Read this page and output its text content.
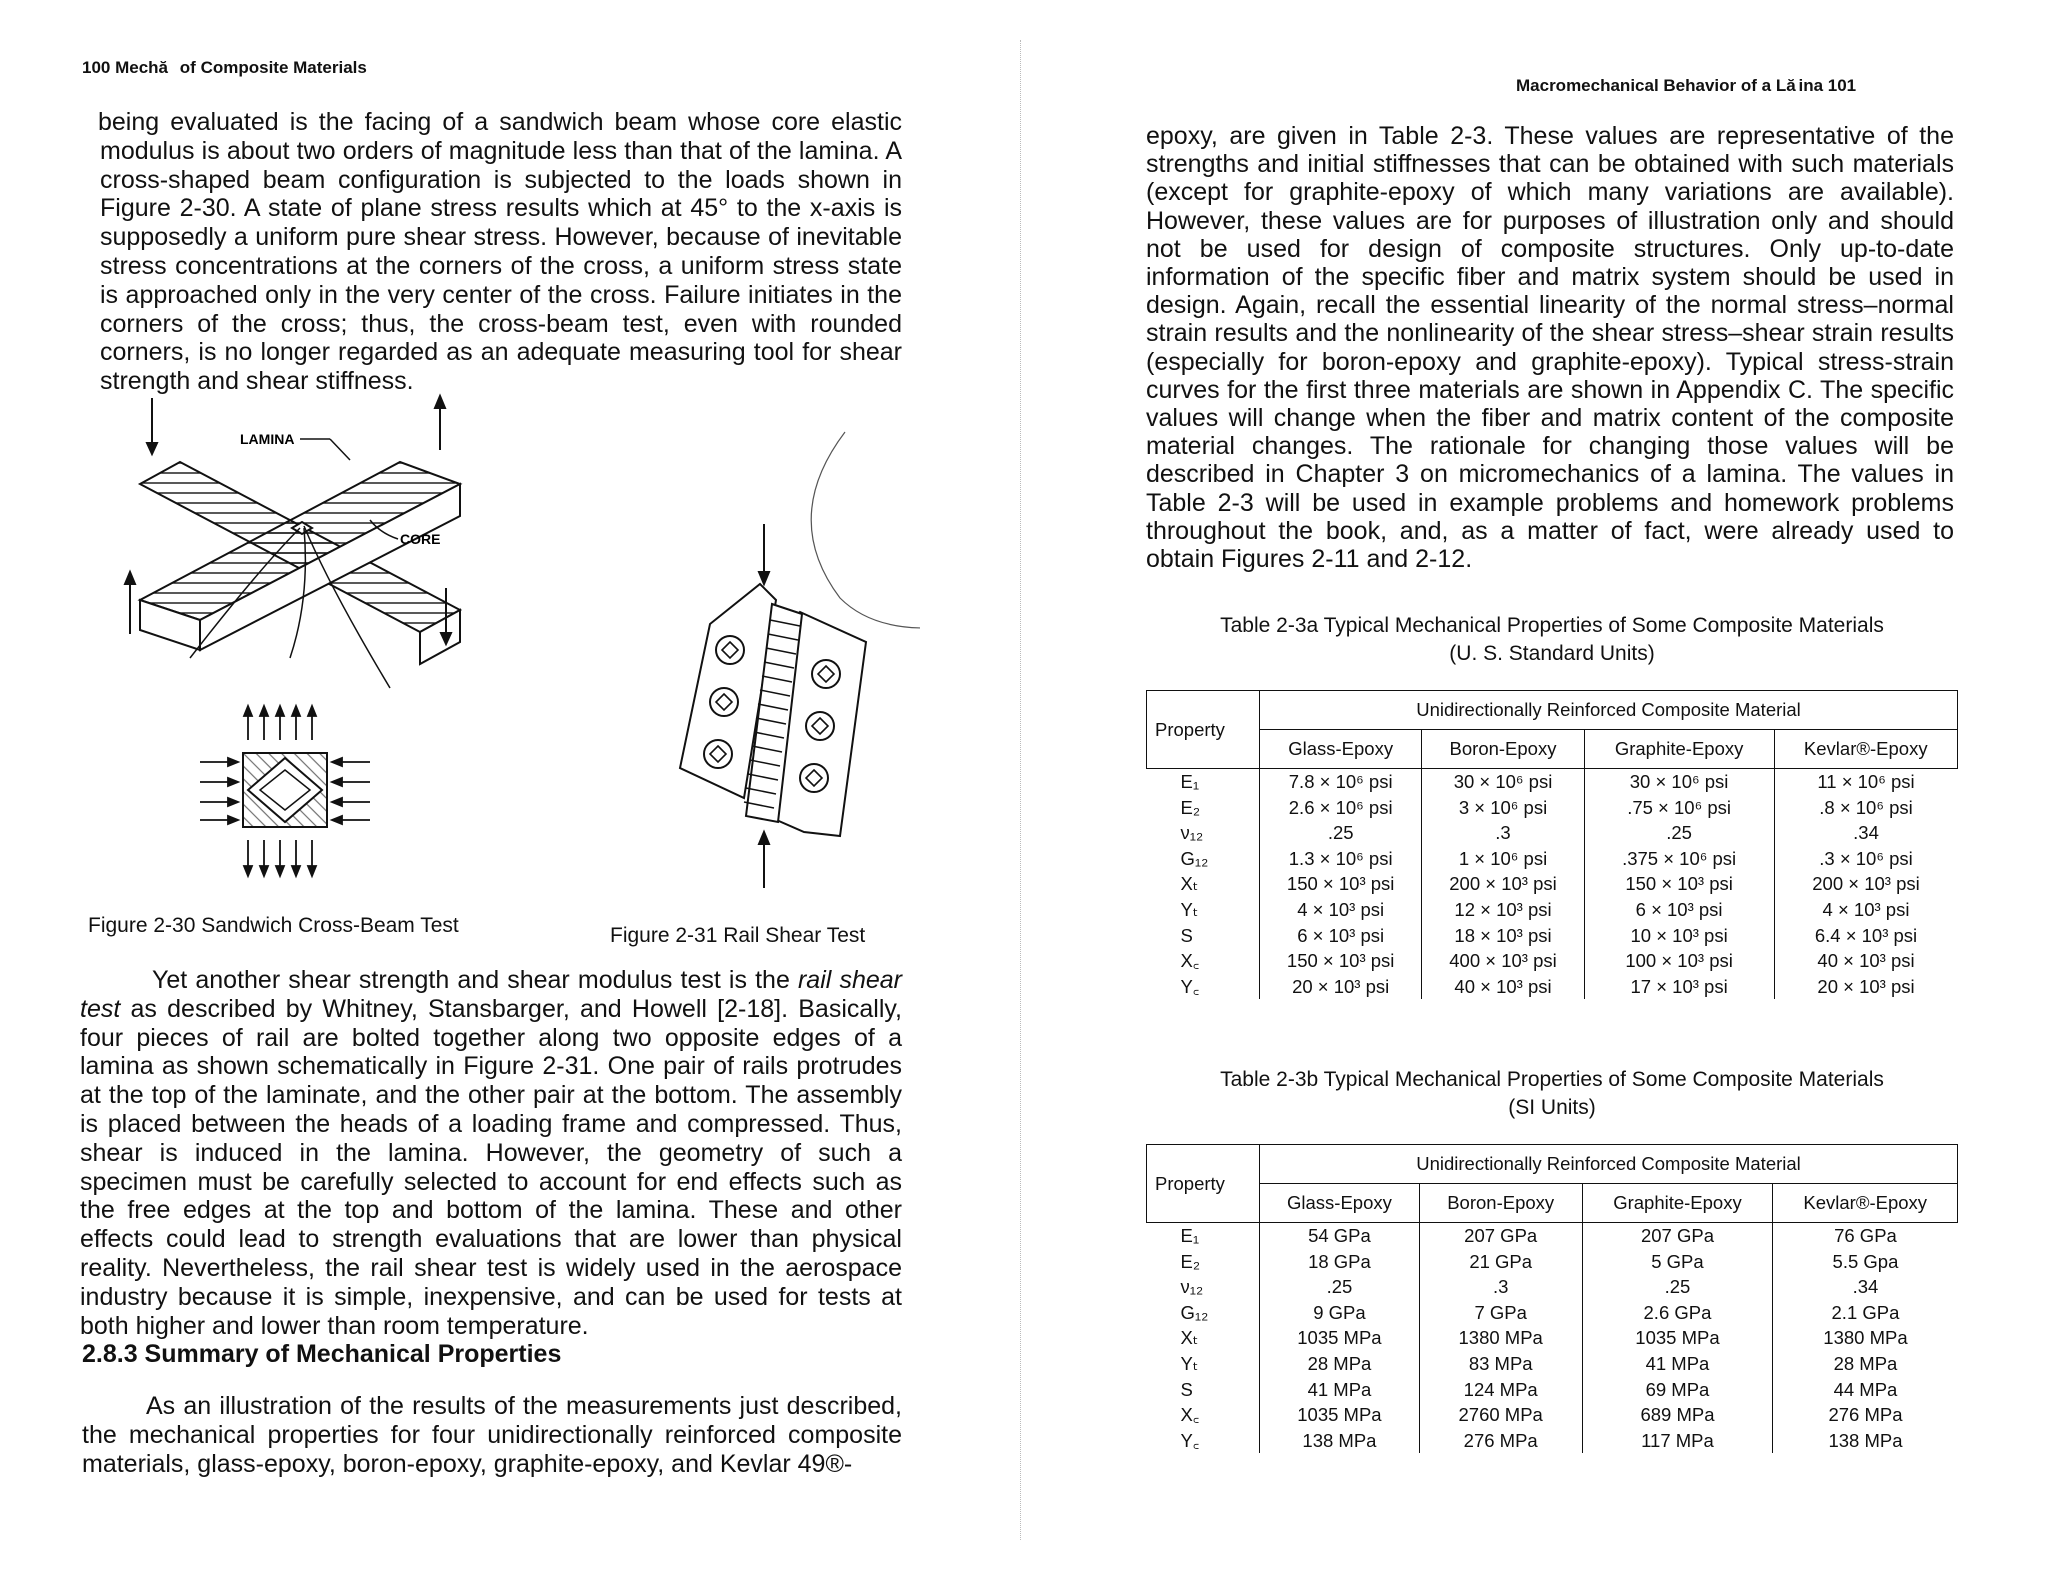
100 Mechă   of Composite Materials

being evaluated is the facing of a sandwich beam whose core elastic modulus is about two orders of magnitude less than that of the lamina. A cross-shaped beam configuration is subjected to the loads shown in Figure 2-30. A state of plane stress results which at 45° to the x-axis is supposedly a uniform pure shear stress. However, because of inevitable stress concentrations at the corners of the cross, a uniform stress state is approached only in the very center of the cross. Failure initiates in the corners of the cross; thus, the cross-beam test, even with rounded corners, is no longer regarded as an adequate measuring tool for shear strength and shear stiffness.

LAMINA
CORE
Figure 2-30 Sandwich Cross-Beam Test	Figure 2-31 Rail Shear Test

Yet another shear strength and shear modulus test is the rail shear test as described by Whitney, Stansbarger, and Howell [2-18]. Basically, four pieces of rail are bolted together along two opposite edges of a lamina as shown schematically in Figure 2-31. One pair of rails protrudes at the top of the laminate, and the other pair at the bottom. The assembly is placed between the heads of a loading frame and compressed. Thus, shear is induced in the lamina. However, the geometry of such a specimen must be carefully selected to account for end effects such as the free edges at the top and bottom of the lamina. These and other effects could lead to strength evaluations that are lower than physical reality. Nevertheless, the rail shear test is widely used in the aerospace industry because it is simple, inexpensive, and can be used for tests at both higher and lower than room temperature.

2.8.3 Summary of Mechanical Properties

As an illustration of the results of the measurements just described, the mechanical properties for four unidirectionally reinforced composite materials, glass-epoxy, boron-epoxy, graphite-epoxy, and Kevlar 49®-

Macromechanical Behavior of a Lă ina 101

epoxy, are given in Table 2-3. These values are representative of the strengths and initial stiffnesses that can be obtained with such materials (except for graphite-epoxy of which many variations are available). However, these values are for purposes of illustration only and should not be used for design of composite structures. Only up-to-date information of the specific fiber and matrix system should be used in design. Again, recall the essential linearity of the normal stress–normal strain results and the nonlinearity of the shear stress–shear strain results (especially for boron-epoxy and graphite-epoxy). Typical stress-strain curves for the first three materials are shown in Appendix C. The specific values will change when the fiber and matrix content of the composite material changes. The rationale for changing those values will be described in Chapter 3 on micromechanics of a lamina. The values in Table 2-3 will be used in example problems and homework problems throughout the book, and, as a matter of fact, were already used to obtain Figures 2-11 and 2-12.

Table 2-3a Typical Mechanical Properties of Some Composite Materials
(U. S. Standard Units)
Property	Unidirectionally Reinforced Composite Material			
	Glass-Epoxy	Boron-Epoxy	Graphite-Epoxy	Kevlar®-Epoxy
E₁	7.8 × 10⁶ psi	30 × 10⁶ psi	30 × 10⁶ psi	11 × 10⁶ psi
E₂	2.6 × 10⁶ psi	3 × 10⁶ psi	.75 × 10⁶ psi	.8 × 10⁶ psi
ν₁₂	.25	.3	.25	.34
G₁₂	1.3 × 10⁶ psi	1 × 10⁶ psi	.375 × 10⁶ psi	.3 × 10⁶ psi
Xₜ	150 × 10³ psi	200 × 10³ psi	150 × 10³ psi	200 × 10³ psi
Yₜ	4 × 10³ psi	12 × 10³ psi	6 × 10³ psi	4 × 10³ psi
S	6 × 10³ psi	18 × 10³ psi	10 × 10³ psi	6.4 × 10³ psi
X꜀	150 × 10³ psi	400 × 10³ psi	100 × 10³ psi	40 × 10³ psi
Y꜀	20 × 10³ psi	40 × 10³ psi	17 × 10³ psi	20 × 10³ psi
Table 2-3b Typical Mechanical Properties of Some Composite Materials
(SI Units)
Property	Unidirectionally Reinforced Composite Material			
	Glass-Epoxy	Boron-Epoxy	Graphite-Epoxy	Kevlar®-Epoxy
E₁	54 GPa	207 GPa	207 GPa	76 GPa
E₂	18 GPa	21 GPa	5 GPa	5.5 Gpa
ν₁₂	.25	.3	.25	.34
G₁₂	9 GPa	7 GPa	2.6 GPa	2.1 GPa
Xₜ	1035 MPa	1380 MPa	1035 MPa	1380 MPa
Yₜ	28 MPa	83 MPa	41 MPa	28 MPa
S	41 MPa	124 MPa	69 MPa	44 MPa
X꜀	1035 MPa	2760 MPa	689 MPa	276 MPa
Y꜀	138 MPa	276 MPa	117 MPa	138 MPa
